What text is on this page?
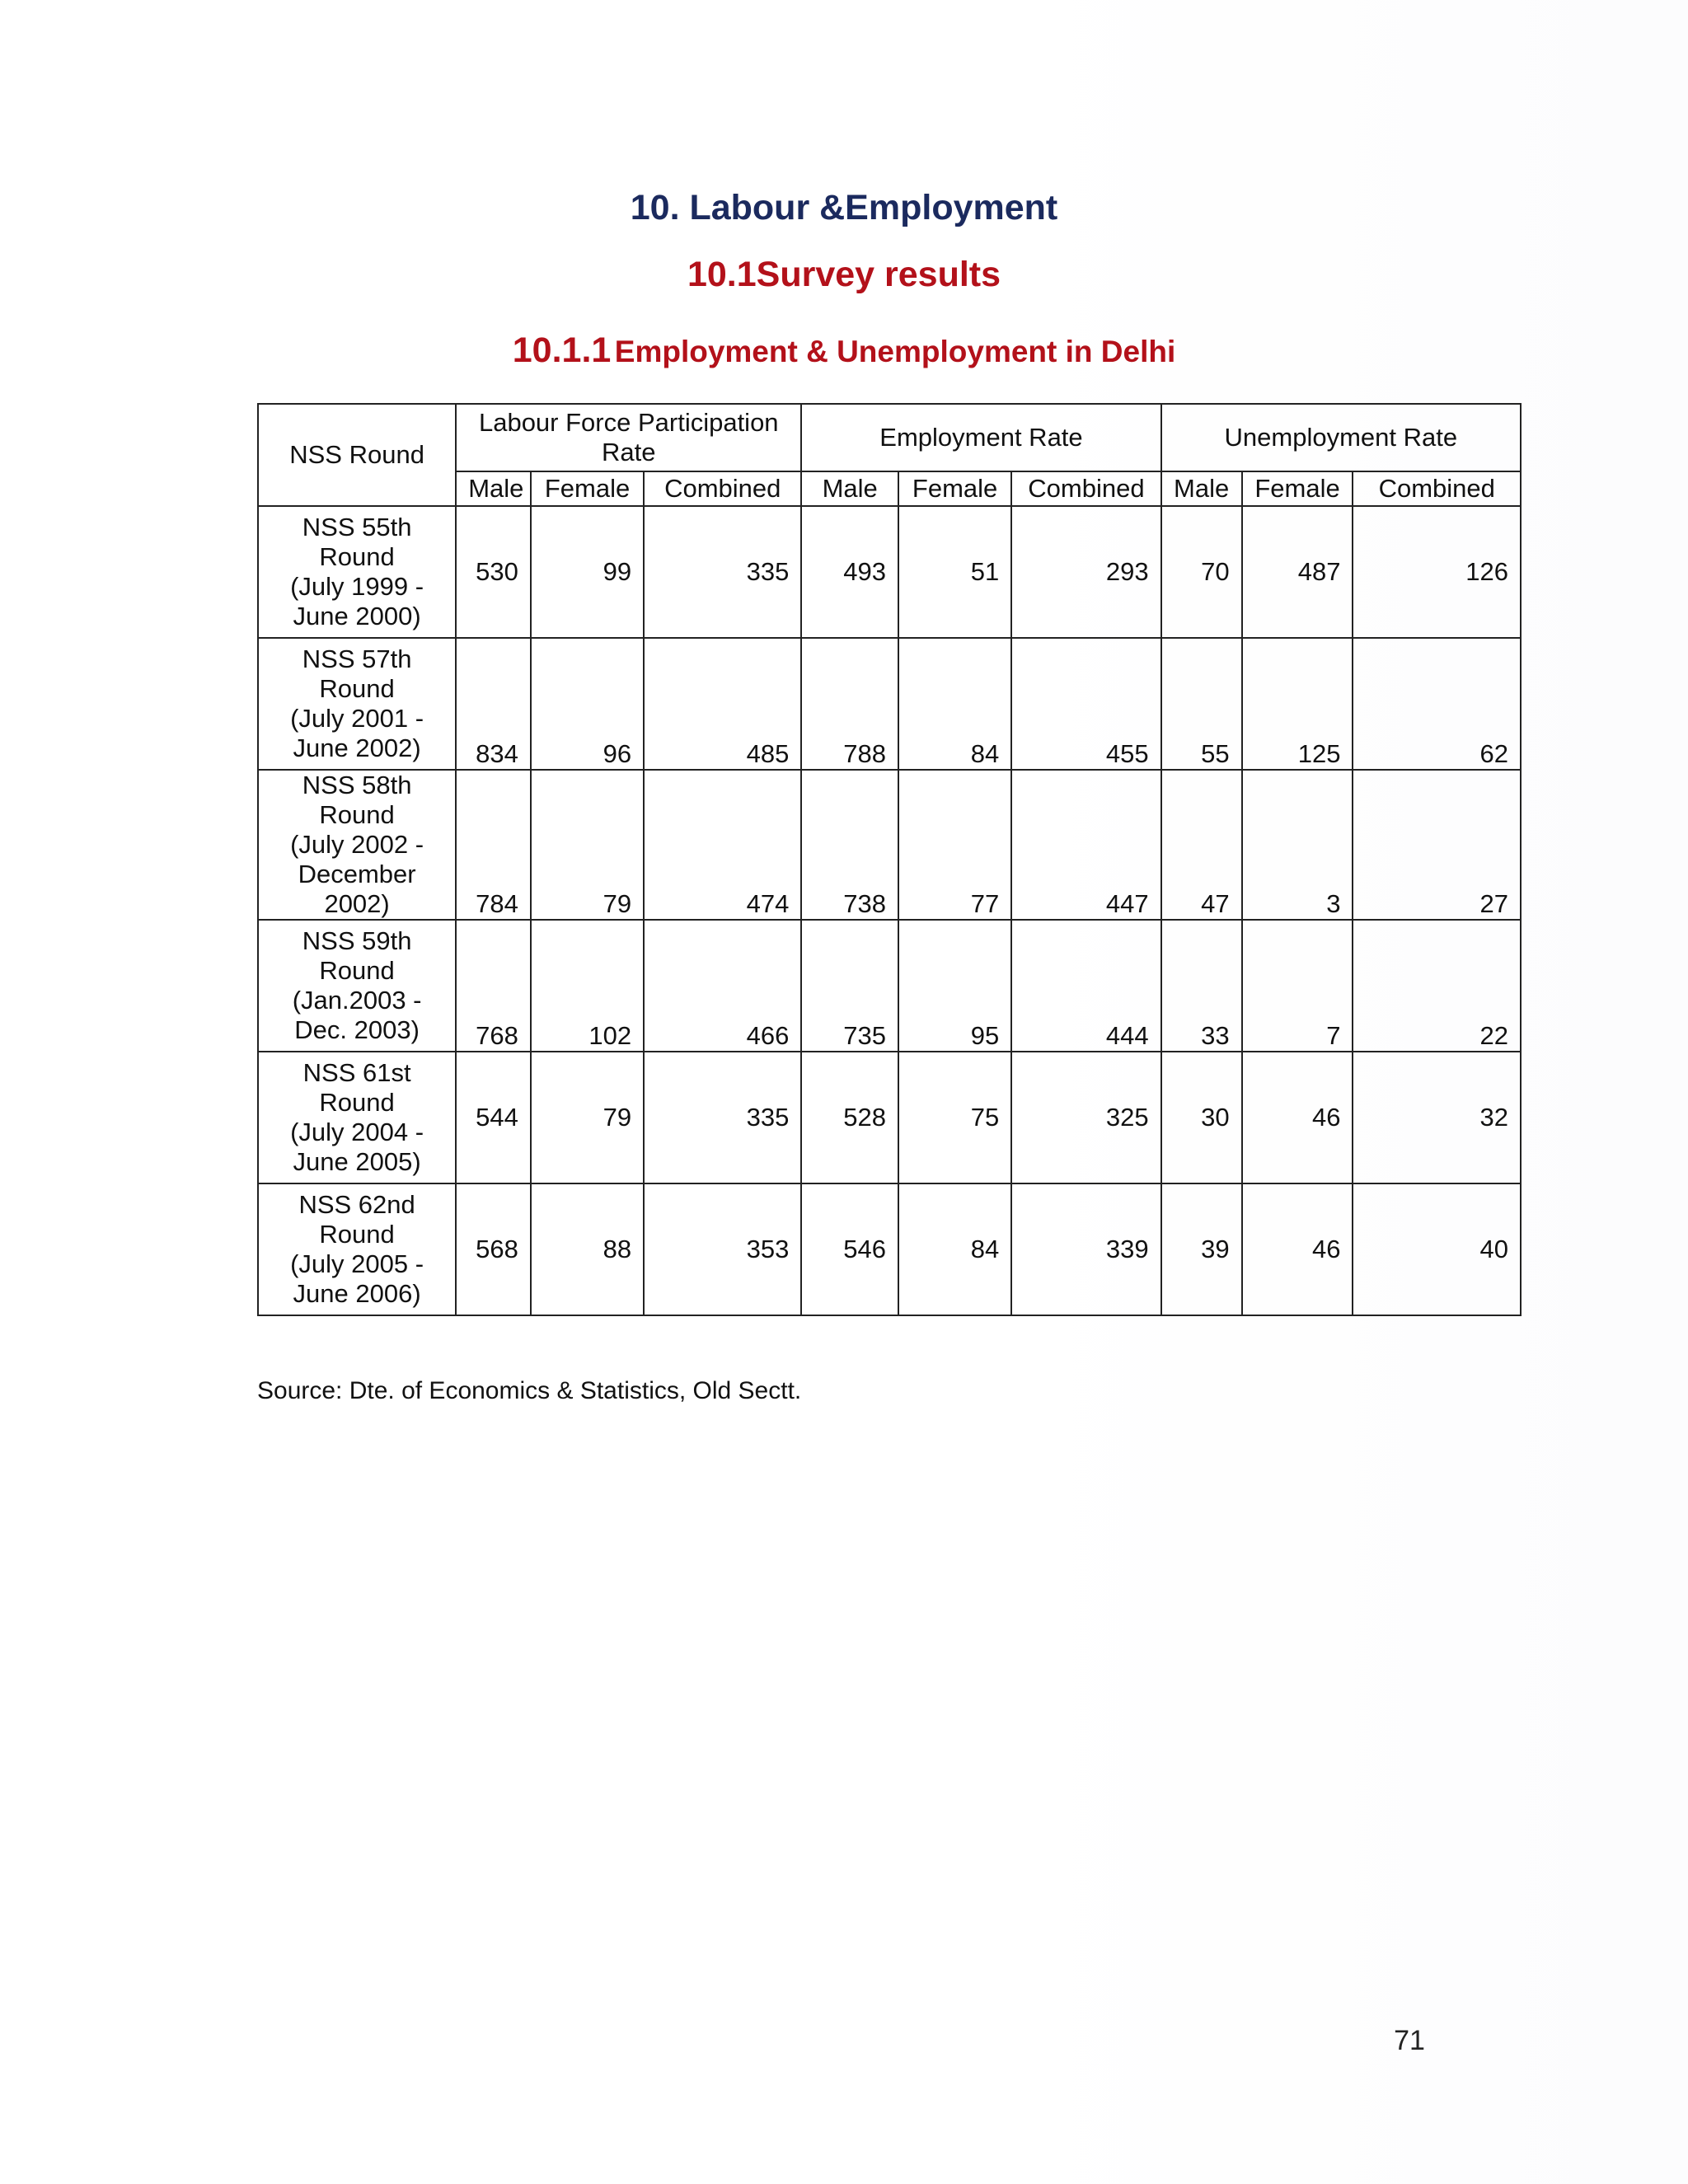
10. Labour &Employment
10.1Survey results
10.1.1 Employment & Unemployment in Delhi
NSS Round	Labour Force Participation Rate			Employment Rate			Unemployment Rate		
	Male	Female	Combined	Male	Female	Combined	Male	Female	Combined

NSS 55th
Round
(July 1999 -
June 2000)	530	99	335	493	51	293	70	487	126

NSS 57th
Round
(July 2001 -
June 2002)	834	96	485	788	84	455	55	125	62

NSS 58th
Round
(July 2002 -
December
2002)	784	79	474	738	77	447	47	3	27

NSS 59th
Round
(Jan.2003 -
Dec. 2003)	768	102	466	735	95	444	33	7	22

NSS 61st
Round
(July 2004 -
June 2005)	544	79	335	528	75	325	30	46	32

NSS 62nd
Round
(July 2005 -
June 2006)	568	88	353	546	84	339	39	46	40
Source: Dte. of Economics & Statistics, Old Sectt.
71
